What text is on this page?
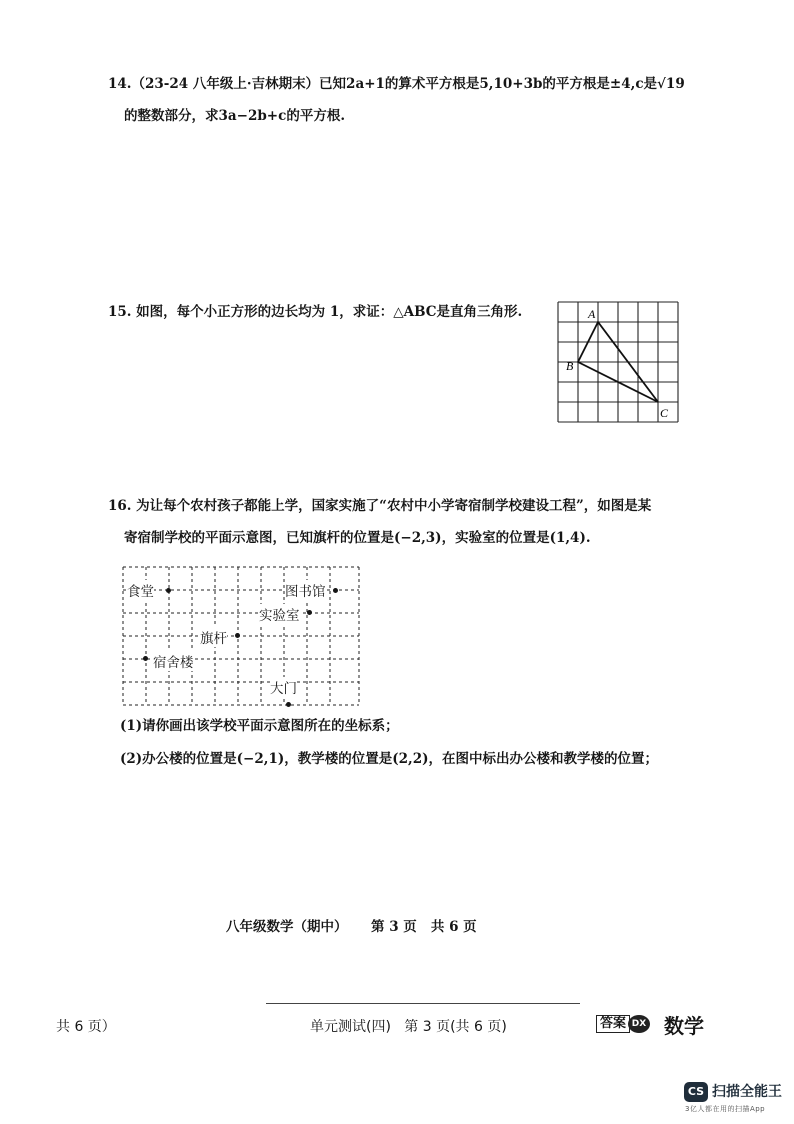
14.（23-24 八年级上·吉林期末）已知2a+1的算术平方根是5,10+3b的平方根是±4,c是√19
的整数部分，求3a−2b+c的平方根.
15. 如图，每个小正方形的边长均为 1，求证：△ABC是直角三角形.	A
B
C
16. 为让每个农村孩子都能上学，国家实施了“农村中小学寄宿制学校建设工程”，如图是某
寄宿制学校的平面示意图，已知旗杆的位置是(−2,3)，实验室的位置是(1,4).
食堂	图书馆
实验室
旗杆
宿舍楼
大门
(1)请你画出该学校平面示意图所在的坐标系；
(2)办公楼的位置是(−2,1)，教学楼的位置是(2,2)，在图中标出办公楼和教学楼的位置；
八年级数学（期中）     第 3 页   共 6 页
共 6 页）	单元测试(四)   第 3 页(共 6 页)	答案 DX 数学
CS 扫描全能王
3亿人都在用的扫描App
